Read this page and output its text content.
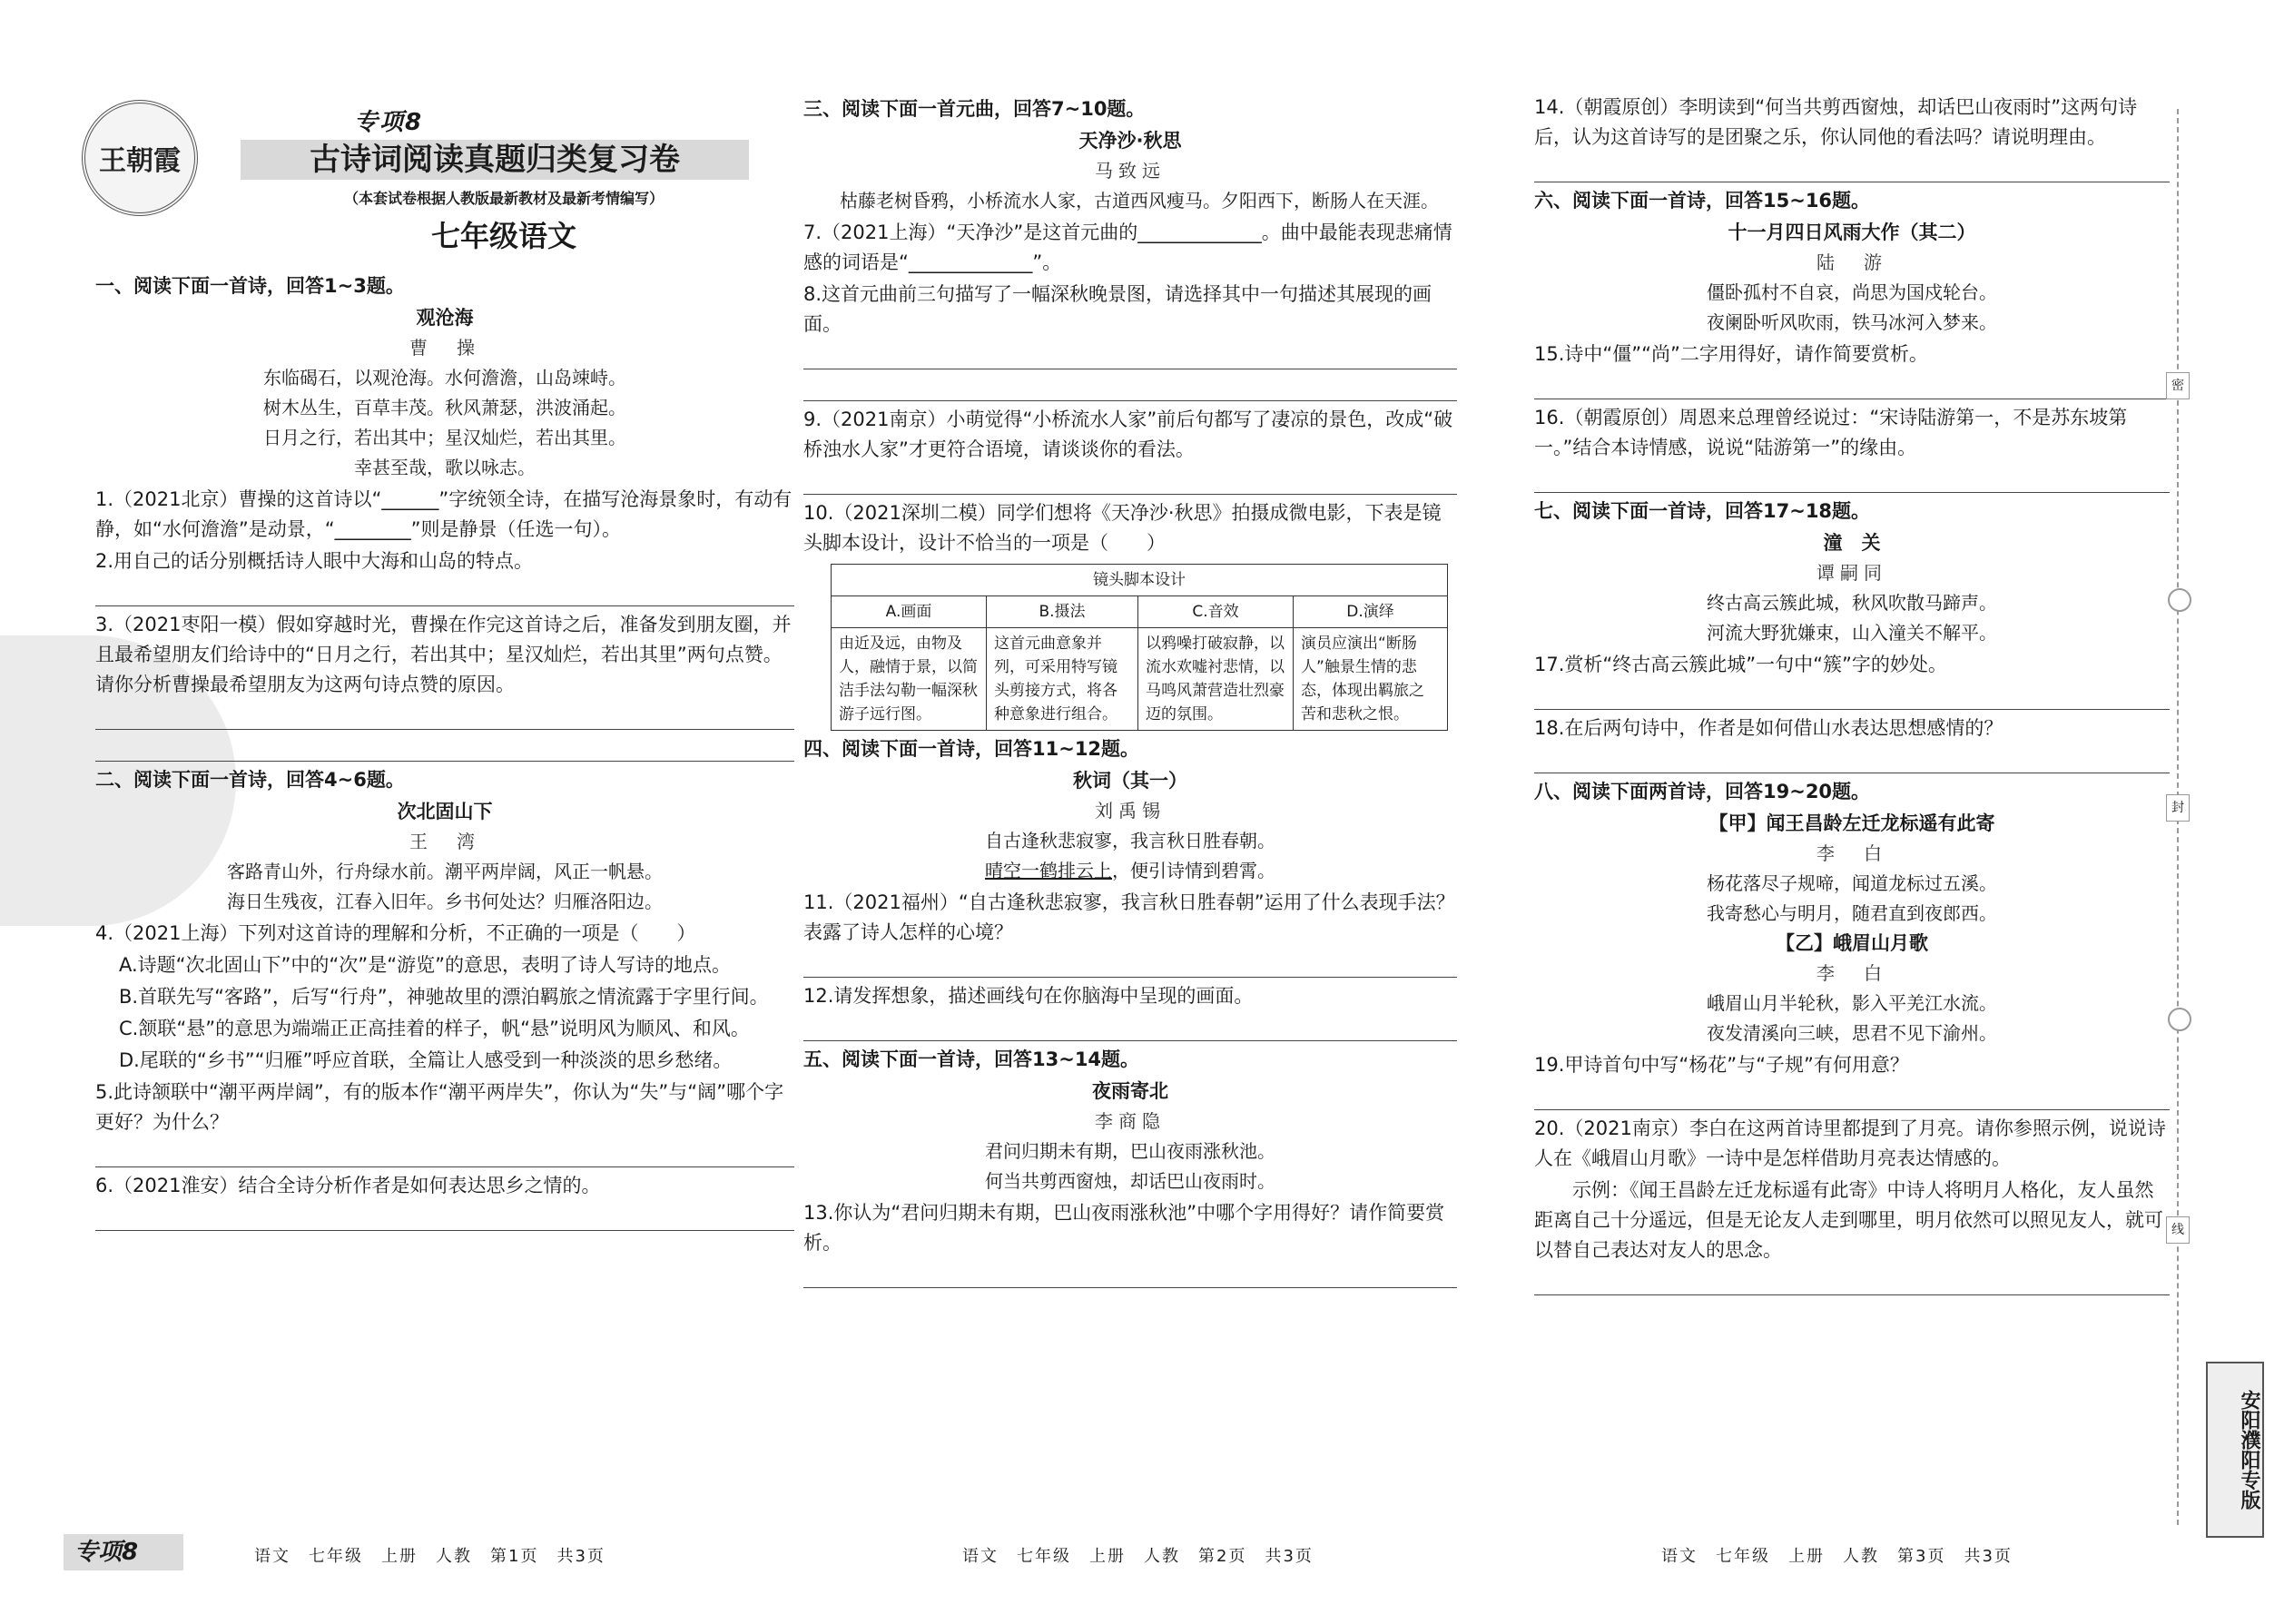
王朝霞
专项8
古诗词阅读真题归类复习卷
（本套试卷根据人教版最新教材及最新考情编写）
七年级语文
一、阅读下面一首诗，回答1~3题。
观沧海
曹　操
东临碣石，以观沧海。水何澹澹，山岛竦峙。
树木丛生，百草丰茂。秋风萧瑟，洪波涌起。
日月之行，若出其中；星汉灿烂，若出其里。
幸甚至哉，歌以咏志。
1.（2021北京）曹操的这首诗以“______”字统领全诗，在描写沧海景象时，有动有静，如“水何澹澹”是动景，“________”则是静景（任选一句）。
2.用自己的话分别概括诗人眼中大海和山岛的特点。
3.（2021枣阳一模）假如穿越时光，曹操在作完这首诗之后，准备发到朋友圈，并且最希望朋友们给诗中的“日月之行，若出其中；星汉灿烂，若出其里”两句点赞。请你分析曹操最希望朋友为这两句诗点赞的原因。
二、阅读下面一首诗，回答4~6题。
次北固山下
王　湾
客路青山外，行舟绿水前。潮平两岸阔，风正一帆悬。
海日生残夜，江春入旧年。乡书何处达？归雁洛阳边。
4.（2021上海）下列对这首诗的理解和分析，不正确的一项是（　　）
A.诗题“次北固山下”中的“次”是“游览”的意思，表明了诗人写诗的地点。
B.首联先写“客路”，后写“行舟”，神驰故里的漂泊羁旅之情流露于字里行间。
C.颔联“悬”的意思为端端正正高挂着的样子，帆“悬”说明风为顺风、和风。
D.尾联的“乡书”“归雁”呼应首联，全篇让人感受到一种淡淡的思乡愁绪。
5.此诗颔联中“潮平两岸阔”，有的版本作“潮平两岸失”，你认为“失”与“阔”哪个字更好？为什么？
6.（2021淮安）结合全诗分析作者是如何表达思乡之情的。
三、阅读下面一首元曲，回答7~10题。
天净沙·秋思
马致远
枯藤老树昏鸦，小桥流水人家，古道西风瘦马。夕阳西下，断肠人在天涯。
7.（2021上海）“天净沙”是这首元曲的_____________。曲中最能表现悲痛情感的词语是“_____________”。
8.这首元曲前三句描写了一幅深秋晚景图，请选择其中一句描述其展现的画面。
9.（2021南京）小萌觉得“小桥流水人家”前后句都写了凄凉的景色，改成“破桥浊水人家”才更符合语境，请谈谈你的看法。
10.（2021深圳二模）同学们想将《天净沙·秋思》拍摄成微电影，下表是镜头脚本设计，设计不恰当的一项是（　　）
镜头脚本设计			
A.画面	B.摄法	C.音效	D.演绎
由近及远，由物及人，融情于景，以简洁手法勾勒一幅深秋游子远行图。	这首元曲意象并列，可采用特写镜头剪接方式，将各种意象进行组合。	以鸦噪打破寂静，以流水欢嘘衬悲情，以马鸣风萧营造壮烈豪迈的氛围。	演员应演出“断肠人”触景生情的悲态，体现出羁旅之苦和悲秋之恨。
四、阅读下面一首诗，回答11~12题。
秋词（其一）
刘禹锡
自古逢秋悲寂寥，我言秋日胜春朝。
晴空一鹤排云上，便引诗情到碧霄。
11.（2021福州）“自古逢秋悲寂寥，我言秋日胜春朝”运用了什么表现手法？表露了诗人怎样的心境？
12.请发挥想象，描述画线句在你脑海中呈现的画面。
五、阅读下面一首诗，回答13~14题。
夜雨寄北
李商隐
君问归期未有期，巴山夜雨涨秋池。
何当共剪西窗烛，却话巴山夜雨时。
13.你认为“君问归期未有期，巴山夜雨涨秋池”中哪个字用得好？请作简要赏析。
14.（朝霞原创）李明读到“何当共剪西窗烛，却话巴山夜雨时”这两句诗后，认为这首诗写的是团聚之乐，你认同他的看法吗？请说明理由。
六、阅读下面一首诗，回答15~16题。
十一月四日风雨大作（其二）
陆　游
僵卧孤村不自哀，尚思为国戍轮台。
夜阑卧听风吹雨，铁马冰河入梦来。
15.诗中“僵”“尚”二字用得好，请作简要赏析。
16.（朝霞原创）周恩来总理曾经说过：“宋诗陆游第一，不是苏东坡第一。”结合本诗情感，说说“陆游第一”的缘由。
七、阅读下面一首诗，回答17~18题。
潼　关
谭嗣同
终古高云簇此城，秋风吹散马蹄声。
河流大野犹嫌束，山入潼关不解平。
17.赏析“终古高云簇此城”一句中“簇”字的妙处。
18.在后两句诗中，作者是如何借山水表达思想感情的？
八、阅读下面两首诗，回答19~20题。
【甲】闻王昌龄左迁龙标遥有此寄
李　白
杨花落尽子规啼，闻道龙标过五溪。
我寄愁心与明月，随君直到夜郎西。
【乙】峨眉山月歌
李　白
峨眉山月半轮秋，影入平羌江水流。
夜发清溪向三峡，思君不见下渝州。
19.甲诗首句中写“杨花”与“子规”有何用意？
20.（2021南京）李白在这两首诗里都提到了月亮。请你参照示例，说说诗人在《峨眉山月歌》一诗中是怎样借助月亮表达情感的。
示例：《闻王昌龄左迁龙标遥有此寄》中诗人将明月人格化，友人虽然距离自己十分遥远，但是无论友人走到哪里，明月依然可以照见友人，就可以替自己表达对友人的思念。
专项8	语文　七年级　上册　人教　第1页　共3页	语文　七年级　上册　人教　第2页　共3页	语文　七年级　上册　人教　第3页　共3页
密
封
线
安阳濮阳专版
